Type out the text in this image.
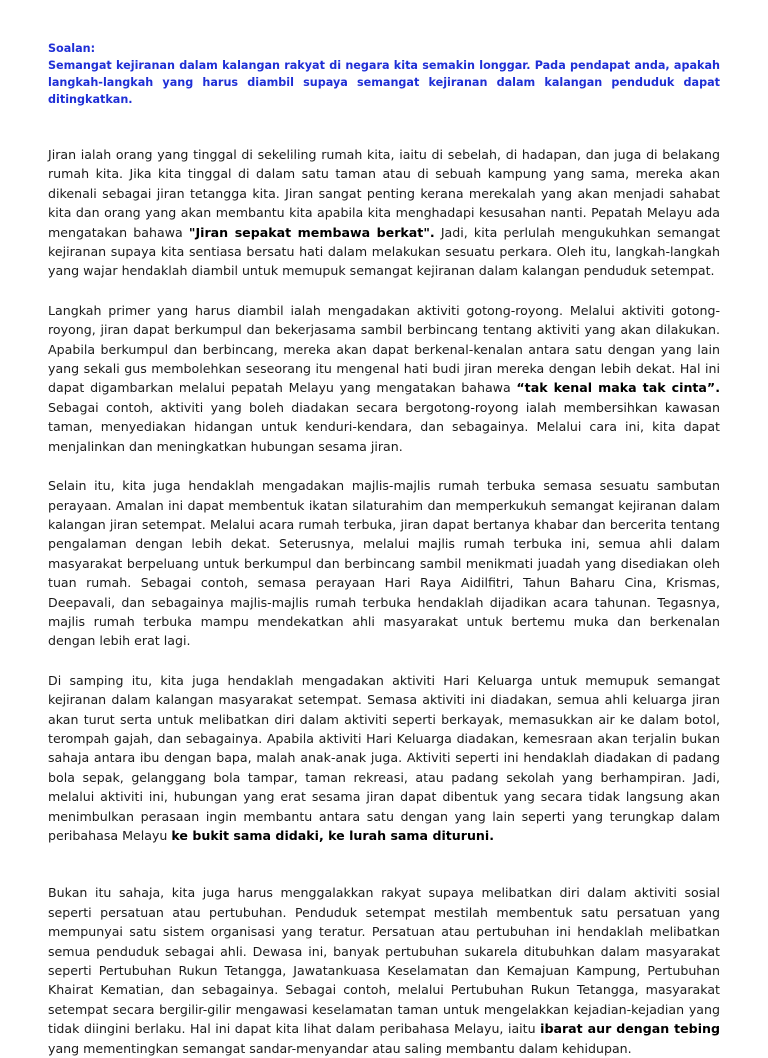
Soalan:
Semangat kejiranan dalam kalangan rakyat di negara kita semakin longgar. Pada pendapat anda, apakah langkah-langkah yang harus diambil supaya semangat kejiranan dalam kalangan penduduk dapat ditingkatkan.

Jiran ialah orang yang tinggal di sekeliling rumah kita, iaitu di sebelah, di hadapan, dan juga di belakang rumah kita. Jika kita tinggal di dalam satu taman atau di sebuah kampung yang sama, mereka akan dikenali sebagai jiran tetangga kita. Jiran sangat penting kerana merekalah yang akan menjadi sahabat kita dan orang yang akan membantu kita apabila kita menghadapi kesusahan nanti. Pepatah Melayu ada mengatakan bahawa "Jiran sepakat membawa berkat". Jadi, kita perlulah mengukuhkan semangat kejiranan supaya kita sentiasa bersatu hati dalam melakukan sesuatu perkara. Oleh itu, langkah-langkah yang wajar hendaklah diambil untuk memupuk semangat kejiranan dalam kalangan penduduk setempat.

Langkah primer yang harus diambil ialah mengadakan aktiviti gotong-royong. Melalui aktiviti gotong-royong, jiran dapat berkumpul dan bekerjasama sambil berbincang tentang aktiviti yang akan dilakukan. Apabila berkumpul dan berbincang, mereka akan dapat berkenal-kenalan antara satu dengan yang lain yang sekali gus membolehkan seseorang itu mengenal hati budi jiran mereka dengan lebih dekat. Hal ini dapat digambarkan melalui pepatah Melayu yang mengatakan bahawa “tak kenal maka tak cinta”. Sebagai contoh, aktiviti yang boleh diadakan secara bergotong-royong ialah membersihkan kawasan taman, menyediakan hidangan untuk kenduri-kendara, dan sebagainya. Melalui cara ini, kita dapat menjalinkan dan meningkatkan hubungan sesama jiran.

Selain itu, kita juga hendaklah mengadakan majlis-majlis rumah terbuka semasa sesuatu sambutan perayaan. Amalan ini dapat membentuk ikatan silaturahim dan memperkukuh semangat kejiranan dalam kalangan jiran setempat. Melalui acara rumah terbuka, jiran dapat bertanya khabar dan bercerita tentang pengalaman dengan lebih dekat. Seterusnya, melalui majlis rumah terbuka ini, semua ahli dalam masyarakat berpeluang untuk berkumpul dan berbincang sambil menikmati juadah yang disediakan oleh tuan rumah. Sebagai contoh, semasa perayaan Hari Raya Aidilfitri, Tahun Baharu Cina, Krismas, Deepavali, dan sebagainya majlis-majlis rumah terbuka hendaklah dijadikan acara tahunan. Tegasnya, majlis rumah terbuka mampu mendekatkan ahli masyarakat untuk bertemu muka dan berkenalan dengan lebih erat lagi.

Di samping itu, kita juga hendaklah mengadakan aktiviti Hari Keluarga untuk memupuk semangat kejiranan dalam kalangan masyarakat setempat. Semasa aktiviti ini diadakan, semua ahli keluarga jiran akan turut serta untuk melibatkan diri dalam aktiviti seperti berkayak, memasukkan air ke dalam botol, terompah gajah, dan sebagainya. Apabila aktiviti Hari Keluarga diadakan, kemesraan akan terjalin bukan sahaja antara ibu dengan bapa, malah anak-anak juga. Aktiviti seperti ini hendaklah diadakan di padang bola sepak, gelanggang bola tampar, taman rekreasi, atau padang sekolah yang berhampiran. Jadi, melalui aktiviti ini, hubungan yang erat sesama jiran dapat dibentuk yang secara tidak langsung akan menimbulkan perasaan ingin membantu antara satu dengan yang lain seperti yang terungkap dalam peribahasa Melayu ke bukit sama didaki, ke lurah sama dituruni.

Bukan itu sahaja, kita juga harus menggalakkan rakyat supaya melibatkan diri dalam aktiviti sosial seperti persatuan atau pertubuhan. Penduduk setempat mestilah membentuk satu persatuan yang mempunyai satu sistem organisasi yang teratur. Persatuan atau pertubuhan ini hendaklah melibatkan semua penduduk sebagai ahli. Dewasa ini, banyak pertubuhan sukarela ditubuhkan dalam masyarakat seperti Pertubuhan Rukun Tetangga, Jawatankuasa Keselamatan dan Kemajuan Kampung, Pertubuhan Khairat Kematian, dan sebagainya. Sebagai contoh, melalui Pertubuhan Rukun Tetangga, masyarakat setempat secara bergilir-gilir mengawasi keselamatan taman untuk mengelakkan kejadian-kejadian yang tidak diingini berlaku. Hal ini dapat kita lihat dalam peribahasa Melayu, iaitu ibarat aur dengan tebing yang mementingkan semangat sandar-menyandar atau saling membantu dalam kehidupan.
